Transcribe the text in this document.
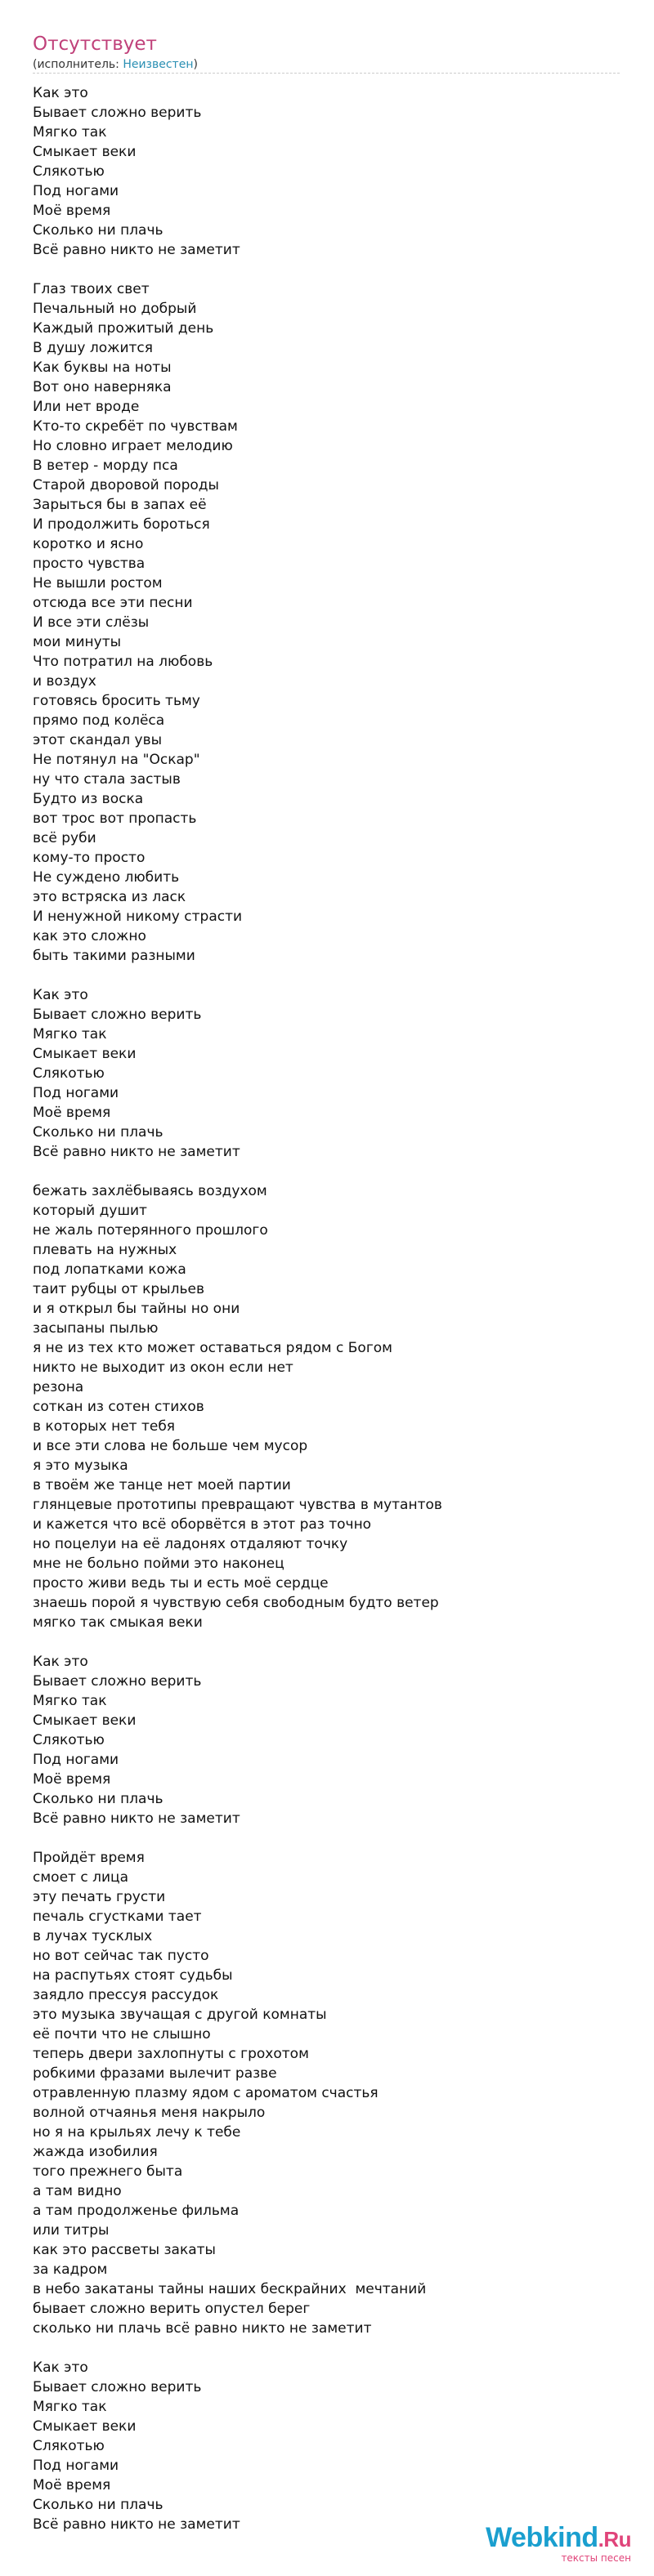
Отсутствует
(исполнитель: Неизвестен)
Как это
Бывает сложно верить
Мягко так
Смыкает веки
Слякотью
Под ногами
Моё время
Сколько ни плачь
Всё равно никто не заметит
Глаз твоих свет
Печальный но добрый
Каждый прожитый день
В душу ложится
Как буквы на ноты
Вот оно наверняка
Или нет вроде
Кто-то скребёт по чувствам
Но словно играет мелодию
В ветер - морду пса
Старой дворовой породы
Зарыться бы в запах её
И продолжить бороться
коротко и ясно
просто чувства
Не вышли ростом
отсюда все эти песни
И все эти слёзы
мои минуты
Что потратил на любовь
и воздух
готовясь бросить тьму
прямо под колёса
этот скандал увы
Не потянул на "Оскар"
ну что стала застыв
Будто из воска
вот трос вот пропасть
всё руби
кому-то просто
Не суждено любить
это встряска из ласк
И ненужной никому страсти
как это сложно
быть такими разными
Как это
Бывает сложно верить
Мягко так
Смыкает веки
Слякотью
Под ногами
Моё время
Сколько ни плачь
Всё равно никто не заметит
бежать захлёбываясь воздухом
который душит
не жаль потерянного прошлого
плевать на нужных
под лопатками кожа
таит рубцы от крыльев
и я открыл бы тайны но они
засыпаны пылью
я не из тех кто может оставаться рядом с Богом
никто не выходит из окон если нет
резона
соткан из сотен стихов
в которых нет тебя
и все эти слова не больше чем мусор
я это музыка
в твоём же танце нет моей партии
глянцевые прототипы превращают чувства в мутантов
и кажется что всё оборвётся в этот раз точно
но поцелуи на её ладонях отдаляют точку
мне не больно пойми это наконец
просто живи ведь ты и есть моё сердце
знаешь порой я чувствую себя свободным будто ветер
мягко так смыкая веки
Как это
Бывает сложно верить
Мягко так
Смыкает веки
Слякотью
Под ногами
Моё время
Сколько ни плачь
Всё равно никто не заметит
Пройдёт время
смоет с лица
эту печать грусти
печаль сгустками тает
в лучах тусклых
но вот сейчас так пусто
на распутьях стоят судьбы
заядло прессуя рассудок
это музыка звучащая с другой комнаты
её почти что не слышно
теперь двери захлопнуты с грохотом
робкими фразами вылечит разве
отравленную плазму ядом с ароматом счастья
волной отчаянья меня накрыло
но я на крыльях лечу к тебе
жажда изобилия
того прежнего быта
а там видно
а там продолженье фильма
или титры
как это рассветы закаты
за кадром
в небо закатаны тайны наших бескрайних  мечтаний
бывает сложно верить опустел берег
сколько ни плачь всё равно никто не заметит
Как это
Бывает сложно верить
Мягко так
Смыкает веки
Слякотью
Под ногами
Моё время
Сколько ни плачь
Всё равно никто не заметит	Webkind.Ru
тексты песен
